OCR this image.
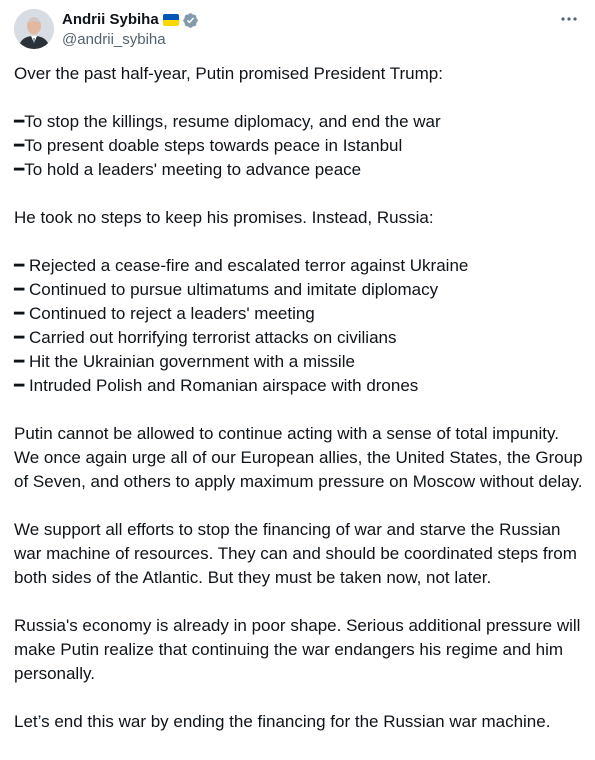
Andrii Sybiha
@andrii_sybiha
Over the past half-year, Putin promised President Trump:
━To stop the killings, resume diplomacy, and end the war
━To present doable steps towards peace in Istanbul
━To hold a leaders' meeting to advance peace
He took no steps to keep his promises. Instead, Russia:
━ Rejected a cease-fire and escalated terror against Ukraine
━ Continued to pursue ultimatums and imitate diplomacy
━ Continued to reject a leaders' meeting
━ Carried out horrifying terrorist attacks on civilians
━ Hit the Ukrainian government with a missile
━ Intruded Polish and Romanian airspace with drones
Putin cannot be allowed to continue acting with a sense of total impunity. We once again urge all of our European allies, the United States, the Group of Seven, and others to apply maximum pressure on Moscow without delay.
We support all efforts to stop the financing of war and starve the Russian war machine of resources. They can and should be coordinated steps from both sides of the Atlantic. But they must be taken now, not later.
Russia's economy is already in poor shape. Serious additional pressure will make Putin realize that continuing the war endangers his regime and him personally.
Let’s end this war by ending the financing for the Russian war machine.
